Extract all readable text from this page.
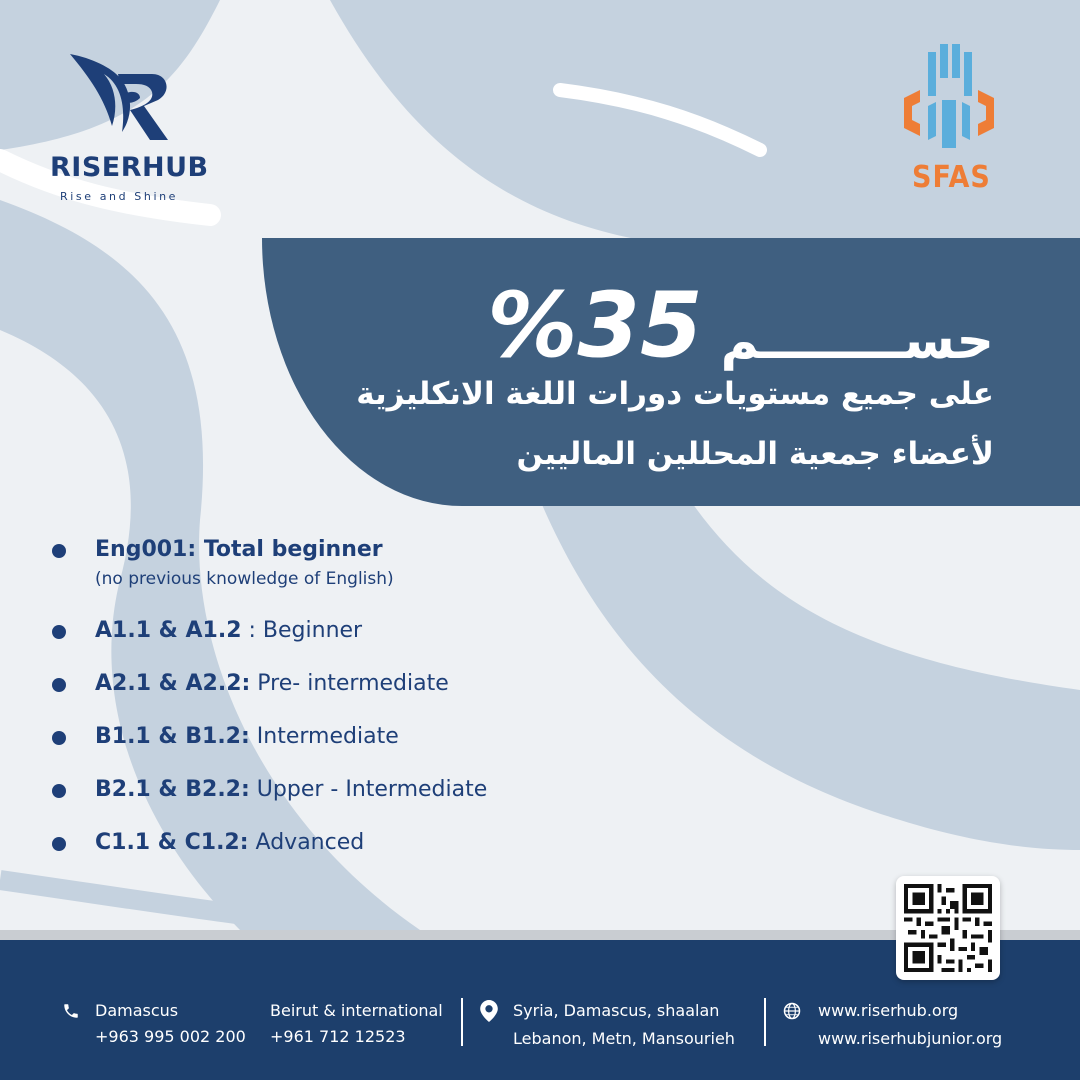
RISERHUB
Rise and Shine
SFAS
%35 حســــــــم
على جميع مستويات دورات اللغة الانكليزية
لأعضاء جمعية المحللين الماليين
Eng001: Total beginner
(no previous knowledge of English)
A1.1 & A1.2 : Beginner
A2.1 & A2.2: Pre- intermediate
B1.1 & B1.2: Intermediate
B2.1 & B2.2: Upper - Intermediate
C1.1 & C1.2: Advanced
Damascus
+963 995 002 200
Beirut & international
+961 712 12523
Syria, Damascus, shaalan
Lebanon, Metn, Mansourieh
www.riserhub.org
www.riserhubjunior.org
